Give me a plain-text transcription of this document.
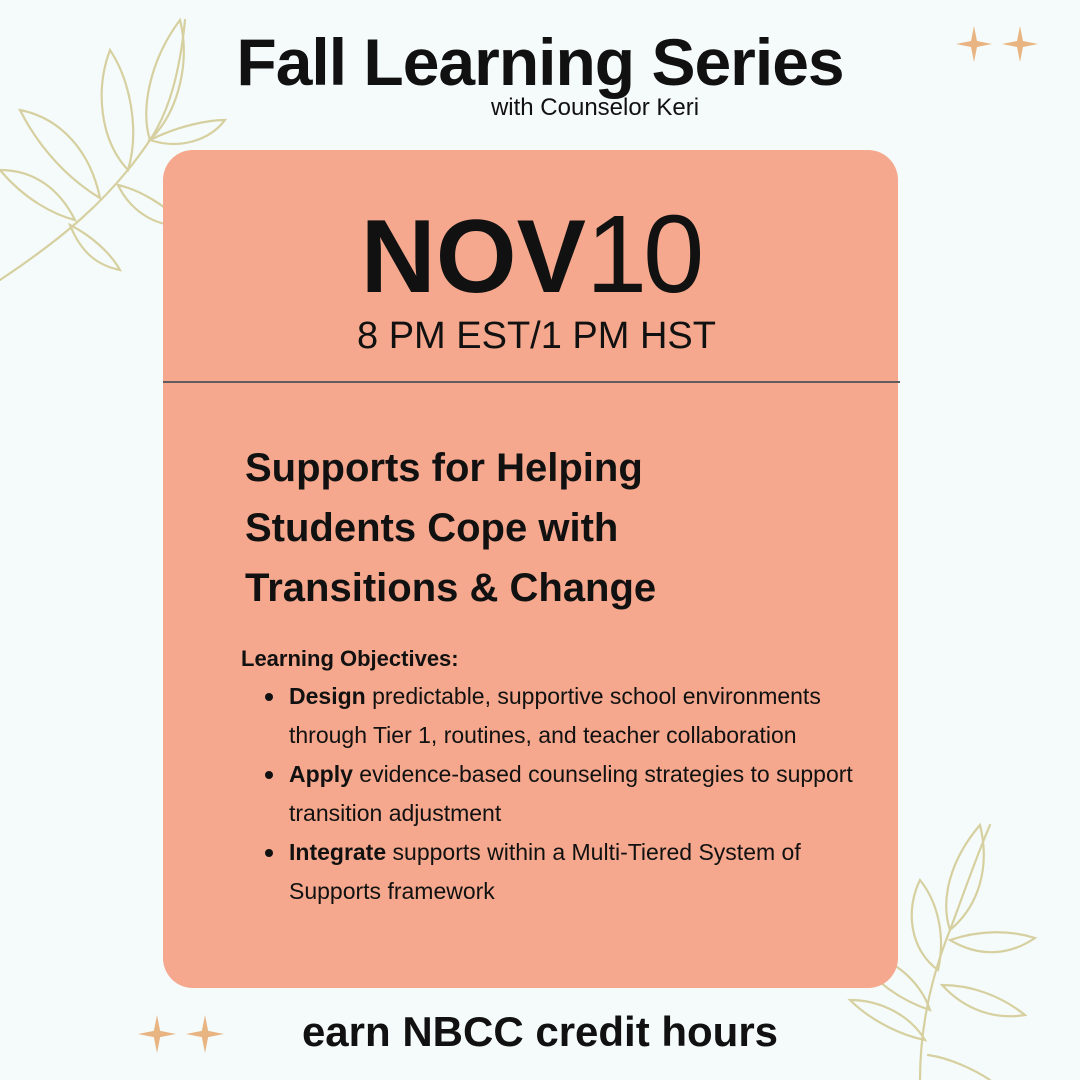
Fall Learning Series
with Counselor Keri
NOV10
8 PM EST/1 PM HST
Supports for Helping
Students Cope with
Transitions & Change
Learning Objectives:
Design predictable, supportive school environments through Tier 1, routines, and teacher collaboration
Apply evidence-based counseling strategies to support transition adjustment
Integrate supports within a Multi-Tiered System of Supports framework
earn NBCC credit hours
